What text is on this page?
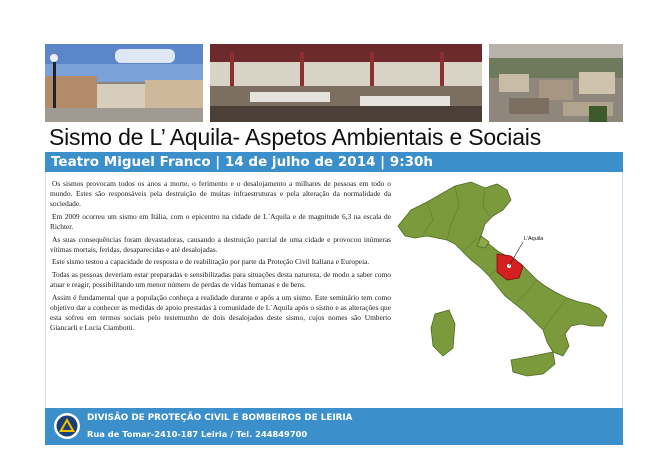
Sismo de L’ Aquila- Aspetos Ambientais e Sociais
Teatro Miguel Franco | 14 de julho de 2014 | 9:30h

Os sismos provocam todos os anos a morte, o ferimento e o desalojamento a milhares de pessoas em todo o mundo. Estes são responsáveis pela destruição de muitas infraestruturas e pela alteração da normalidade da sociedade.

Em 2009 ocorreu um sismo em Itália, com o epicentro na cidade de L´Aquila e de magnitude 6,3 na escala de Richter.

As suas consequências foram devastadoras, causando a destruição parcial de uma cidade e provocou inúmeras vítimas mortais, feridas, desaparecidas e até desalojadas.

Este sismo testou a capacidade de resposta e de reabilitação por parte da Proteção Civil Italiana e Europeia.

Todas as pessoas deveriam estar preparadas e sensibilizadas para situações desta natureza, de modo a saber como atuar e reagir, possibilitando um menor número de perdas de vidas humanas e de bens.

Assim é fundamental que a população conheça a realidade durante e após a um sismo. Este seminário tem como objetivo dar a conhecer as medidas de apoio prestadas à comunidade de L´Aquila após o sismo e as alterações que esta sofreu em termos sociais pelo testemunho de dois desalojados deste sismo, cujos nomes são Umberto Giancarli e Lucia Ciambotti.

L’Aquila
DIVISÃO DE PROTEÇÃO CIVIL E BOMBEIROS DE LEIRIA
Rua de Tomar-2410-187 Leiria / Tel. 244849700
